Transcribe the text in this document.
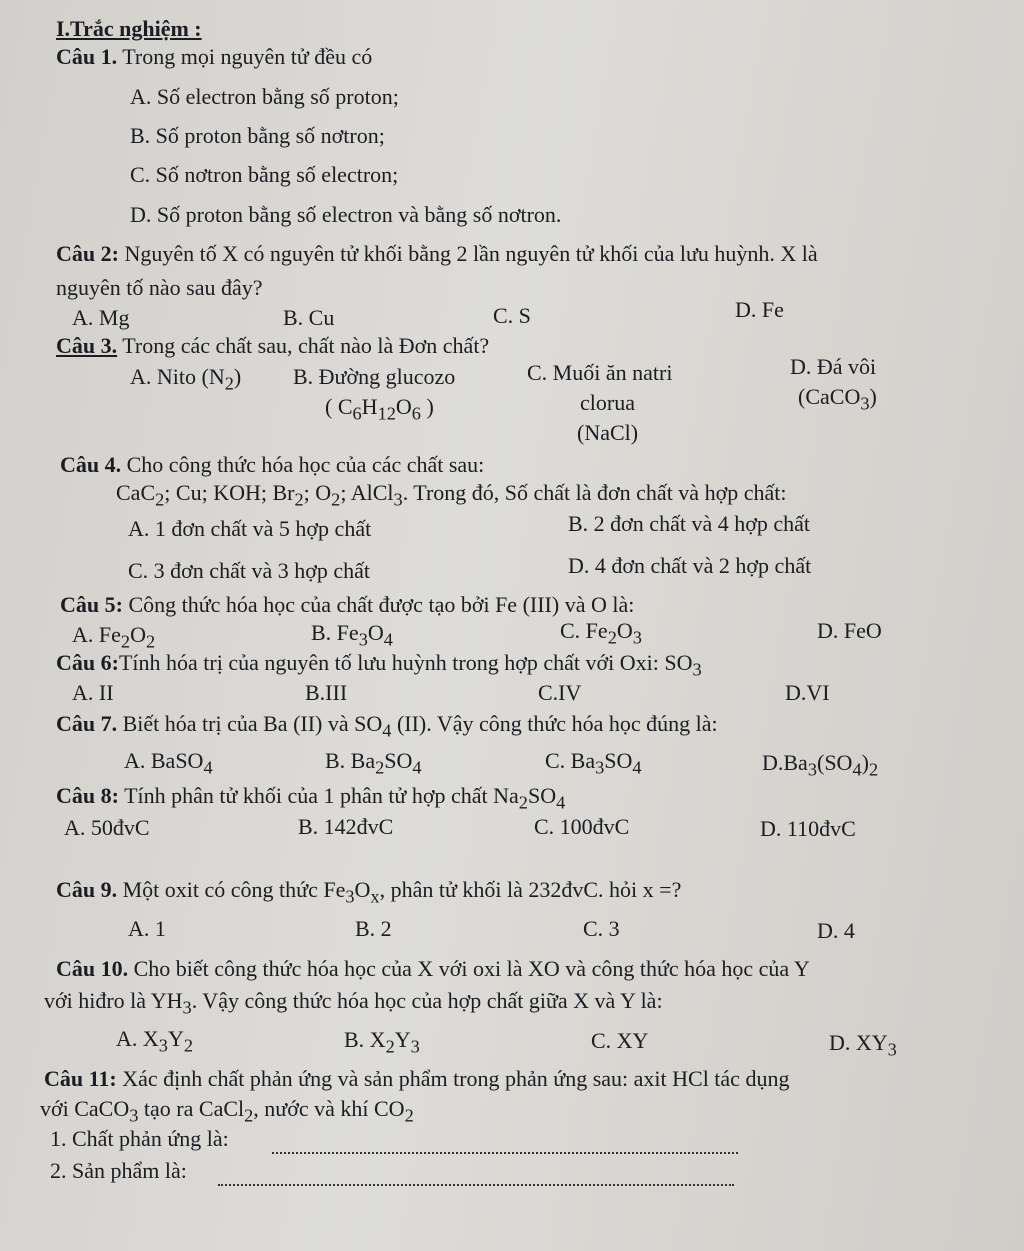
I.Trắc nghiệm :
Câu 1. Trong mọi nguyên tử đều có
A. Số electron bằng số proton;
B. Số proton bằng số nơtron;
C. Số nơtron bằng số electron;
D. Số proton bằng số electron và bằng số nơtron.
Câu 2: Nguyên tố X có nguyên tử khối bằng 2 lần nguyên tử khối của lưu huỳnh. X là
nguyên tố nào sau đây?
A. Mg	B. Cu	C. S	D. Fe
Câu 3. Trong các chất sau, chất nào là Đơn chất?
A. Nito $(N_2)$ B. Đường glucozo
( $C_6H_{12}O_6$ )
C. Muối ăn natri
clorua
(NaCl)
D. Đá vôi
(CaCO$_3$)
Câu 4. Cho công thức hóa học của các chất sau:
CaC$_2$; Cu; KOH; $Br_2$; $O_2$; AlCl$_3$. Trong đó, Số chất là đơn chất và hợp chất:
A. 1 đơn chất và 5 hợp chất	B. 2 đơn chất và 4 hợp chất
C. 3 đơn chất và 3 hợp chất	D. 4 đơn chất và 2 hợp chất
Câu 5: Công thức hóa học của chất được tạo bởi Fe (III) và O là:
A. $Fe_2O_2$	B. $Fe_3O_4$	C. $Fe_2O_3$	D. FeO
Câu 6:Tính hóa trị của nguyên tố lưu huỳnh trong hợp chất với Oxi: $SO_3$
A. II	B.III	C.IV	D.VI
Câu 7. Biết hóa trị của Ba (II) và $SO_4$ (II). Vậy công thức hóa học đúng là:
A. BaSO$_4$	B. $Ba_2SO_4$	C. $Ba_3SO_4$	$D.Ba_3(SO_4)_2$
Câu 8: Tính phân tử khối của 1 phân tử hợp chất $Na_2SO_4$
A. 50đvC	B. 142đvC	C. 100đvC	D. 110đvC
Câu 9. Một oxit có công thức $Fe_3O_x$, phân tử khối là 232đvC. hỏi x =?
A. 1	B. 2	C. 3	D. 4
Câu 10. Cho biết công thức hóa học của X với oxi là XO và công thức hóa học của Y
với hiđro là $YH_3$. Vậy công thức hóa học của hợp chất giữa X và Y là:
A. $X_3Y_2$	B. $X_2Y_3$	C. XY	D. $XY_3$
Câu 11: Xác định chất phản ứng và sản phẩm trong phản ứng sau: axit HCl tác dụng
với CaCO$_3$ tạo ra CaCl$_2$, nước và khí $CO_2$
1. Chất phản ứng là:
2. Sản phẩm là:
